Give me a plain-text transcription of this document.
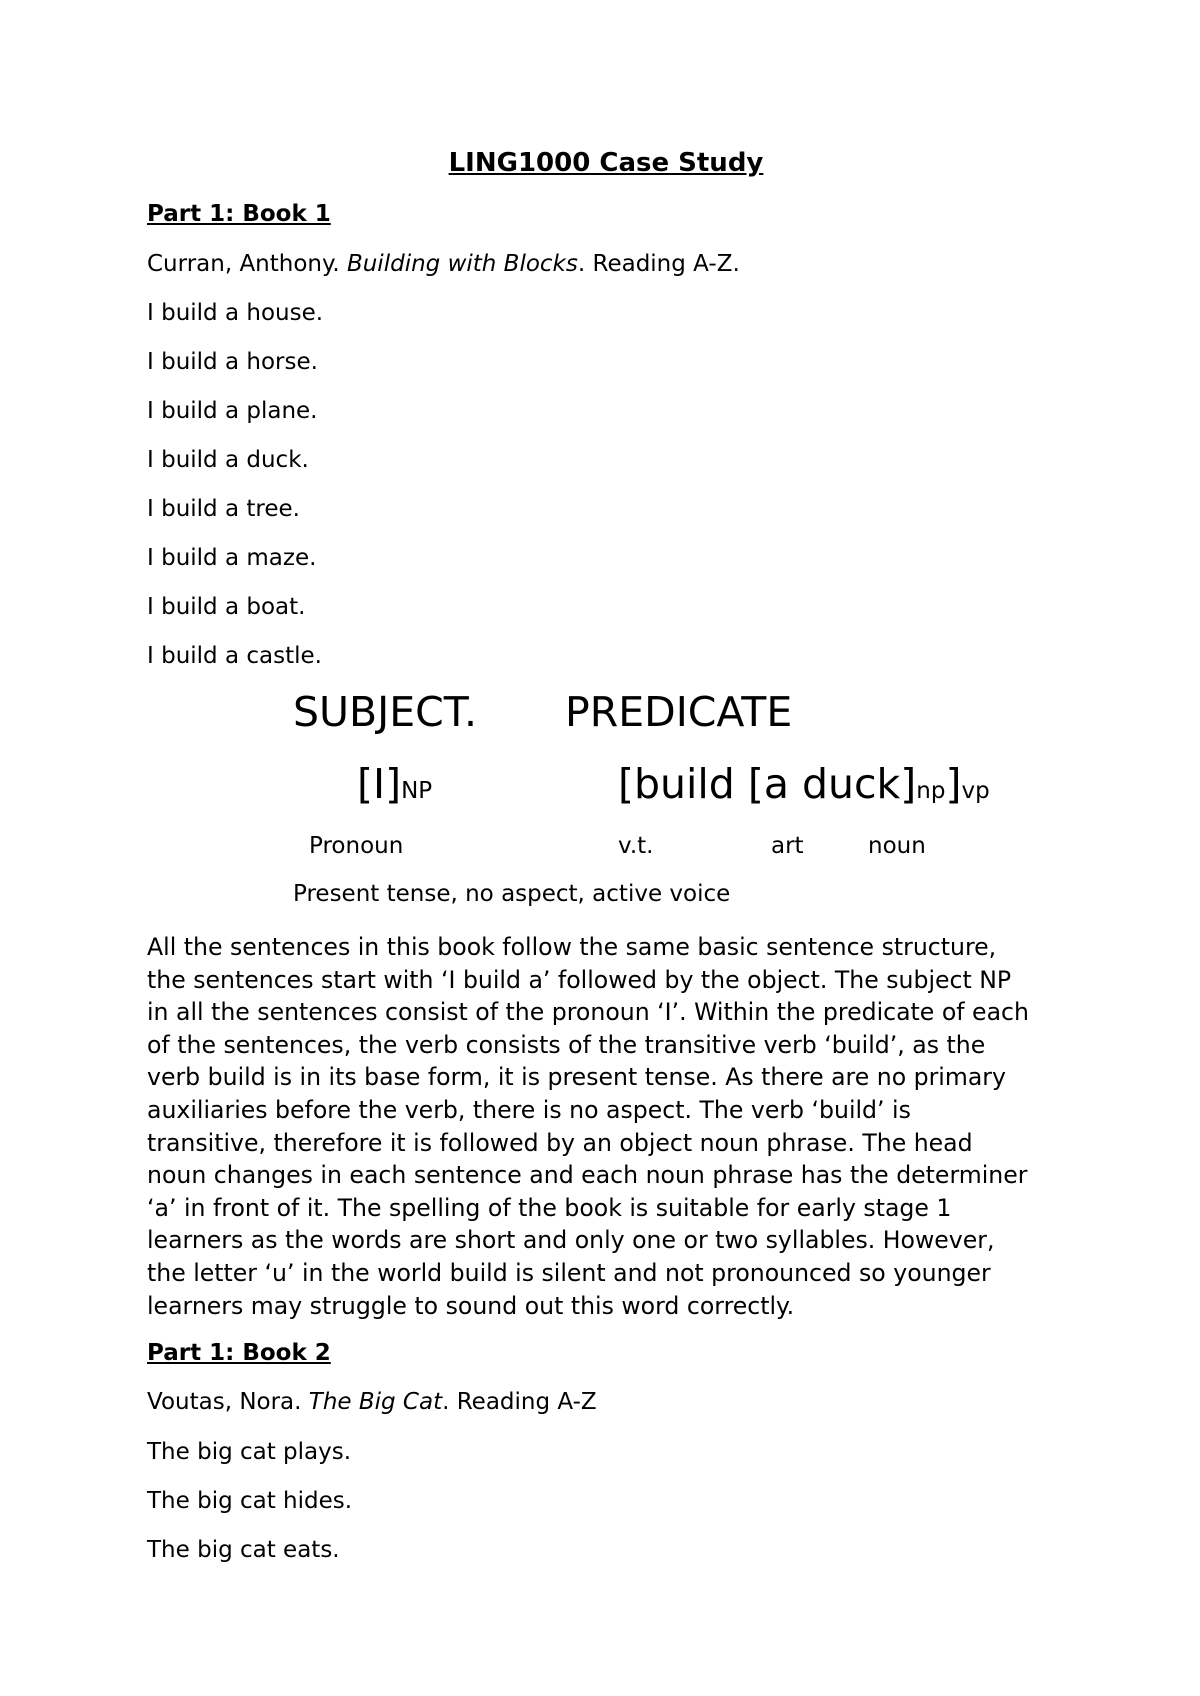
LING1000 Case Study
Part 1: Book 1
Curran, Anthony. Building with Blocks. Reading A-Z.
I build a house.
I build a horse.
I build a plane.
I build a duck.
I build a tree.
I build a maze.
I build a boat.
I build a castle.
SUBJECT. PREDICATE
[I]NP	[build [a duck]np]vp
Pronoun	v.t.	art	noun
Present tense, no aspect, active voice
All the sentences in this book follow the same basic sentence structure,
the sentences start with ‘I build a’ followed by the object. The subject NP
in all the sentences consist of the pronoun ‘I’. Within the predicate of each
of the sentences, the verb consists of the transitive verb ‘build’, as the
verb build is in its base form, it is present tense. As there are no primary
auxiliaries before the verb, there is no aspect. The verb ‘build’ is
transitive, therefore it is followed by an object noun phrase. The head
noun changes in each sentence and each noun phrase has the determiner
‘a’ in front of it. The spelling of the book is suitable for early stage 1
learners as the words are short and only one or two syllables. However,
the letter ‘u’ in the world build is silent and not pronounced so younger
learners may struggle to sound out this word correctly.
Part 1: Book 2
Voutas, Nora. The Big Cat. Reading A-Z
The big cat plays.
The big cat hides.
The big cat eats.
